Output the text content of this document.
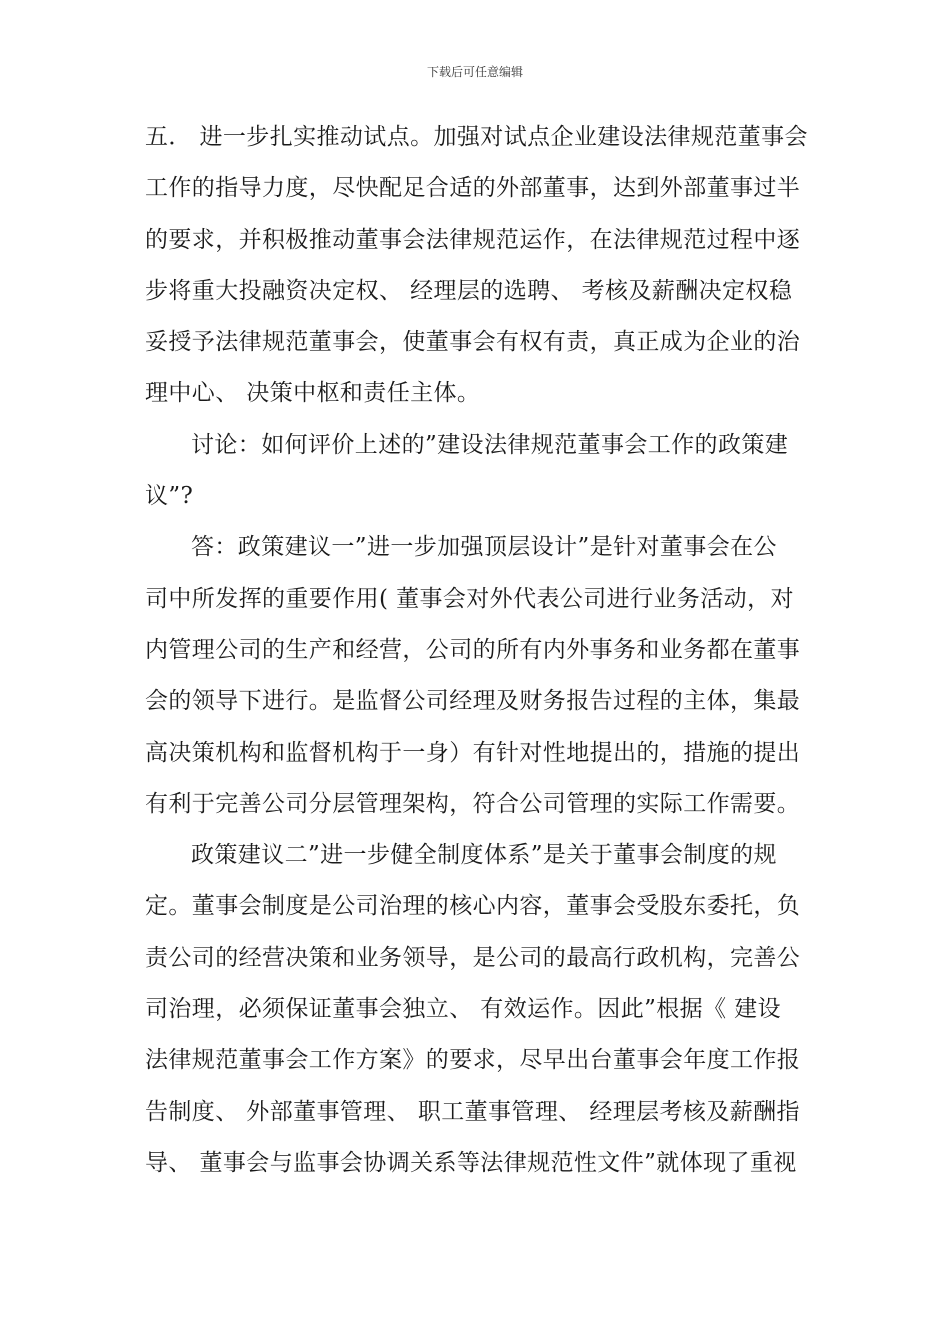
下载后可任意编辑
五． 进一步扎实推动试点。加强对试点企业建设法律规范董事会
工作的指导力度，尽快配足合适的外部董事，达到外部董事过半
的要求，并积极推动董事会法律规范运作，在法律规范过程中逐
步将重大投融资决定权、 经理层的选聘、 考核及薪酬决定权稳
妥授予法律规范董事会，使董事会有权有责，真正成为企业的治
理中心、 决策中枢和责任主体。
讨论：如何评价上述的”建设法律规范董事会工作的政策建
议”?
答：政策建议一”进一步加强顶层设计”是针对董事会在公
司中所发挥的重要作用( 董事会对外代表公司进行业务活动，对
内管理公司的生产和经营，公司的所有内外事务和业务都在董事
会的领导下进行。是监督公司经理及财务报告过程的主体，集最
高决策机构和监督机构于一身）有针对性地提出的，措施的提出
有利于完善公司分层管理架构，符合公司管理的实际工作需要。
政策建议二”进一步健全制度体系”是关于董事会制度的规
定。董事会制度是公司治理的核心内容，董事会受股东委托，负
责公司的经营决策和业务领导，是公司的最高行政机构，完善公
司治理，必须保证董事会独立、 有效运作。因此”根据《 建设
法律规范董事会工作方案》的要求，尽早出台董事会年度工作报
告制度、 外部董事管理、 职工董事管理、 经理层考核及薪酬指
导、 董事会与监事会协调关系等法律规范性文件”就体现了重视
